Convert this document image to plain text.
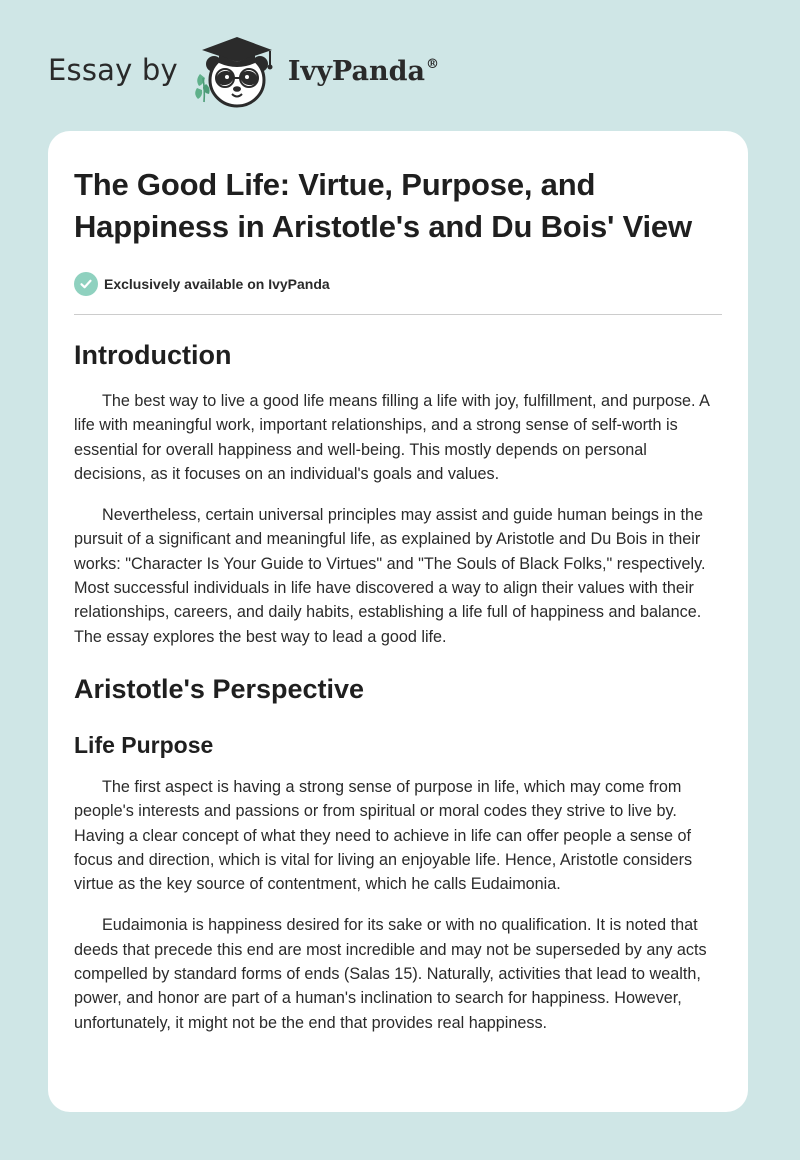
Essay by	IvyPanda®
The Good Life: Virtue, Purpose, and Happiness in Aristotle's and Du Bois' View
Exclusively available on IvyPanda
Introduction

The best way to live a good life means filling a life with joy, fulfillment, and purpose. A life with meaningful work, important relationships, and a strong sense of self-worth is essential for overall happiness and well-being. This mostly depends on personal decisions, as it focuses on an individual's goals and values.

Nevertheless, certain universal principles may assist and guide human beings in the pursuit of a significant and meaningful life, as explained by Aristotle and Du Bois in their works: "Character Is Your Guide to Virtues" and "The Souls of Black Folks," respectively. Most successful individuals in life have discovered a way to align their values with their relationships, careers, and daily habits, establishing a life full of happiness and balance. The essay explores the best way to lead a good life.

Aristotle's Perspective
Life Purpose

The first aspect is having a strong sense of purpose in life, which may come from people's interests and passions or from spiritual or moral codes they strive to live by. Having a clear concept of what they need to achieve in life can offer people a sense of focus and direction, which is vital for living an enjoyable life. Hence, Aristotle considers virtue as the key source of contentment, which he calls Eudaimonia.

Eudaimonia is happiness desired for its sake or with no qualification. It is noted that deeds that precede this end are most incredible and may not be superseded by any acts compelled by standard forms of ends (Salas 15). Naturally, activities that lead to wealth, power, and honor are part of a human's inclination to search for happiness. However, unfortunately, it might not be the end that provides real happiness.
